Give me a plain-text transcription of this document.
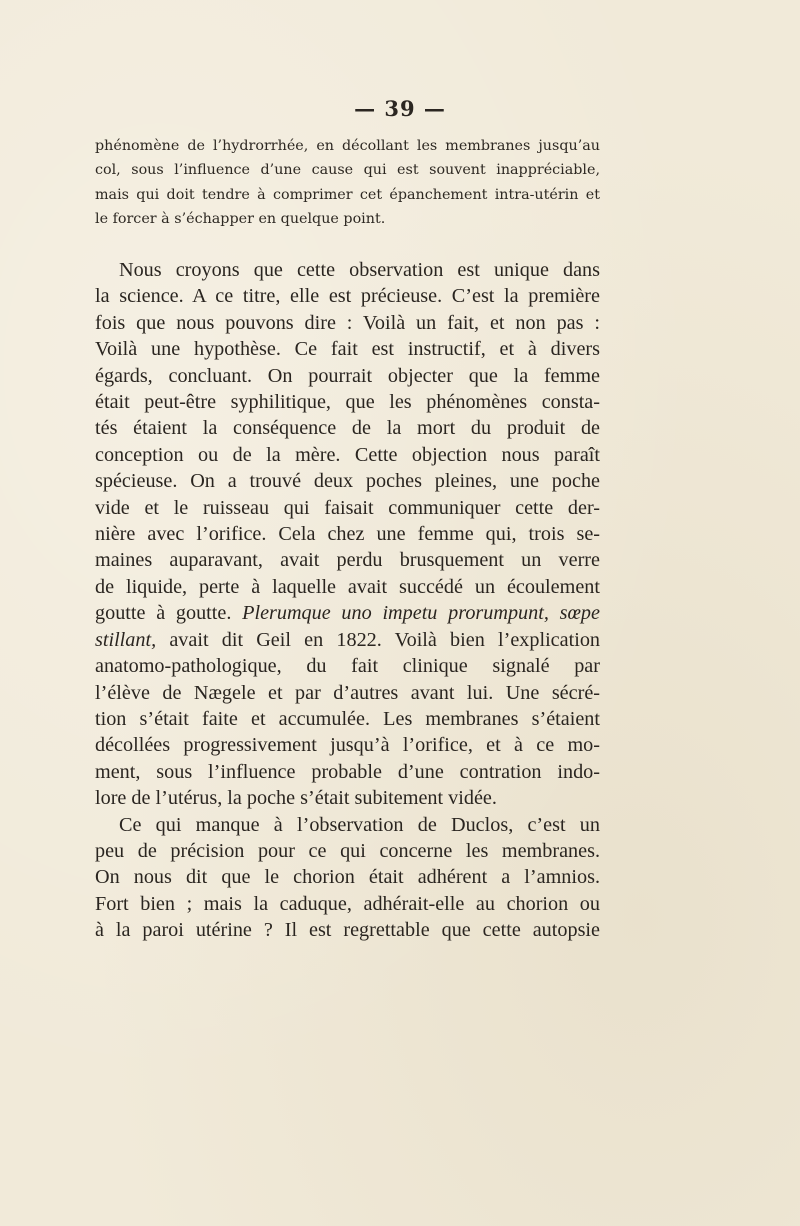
— 39 —
phénomène de l’hydrorrhée, en décollant les membranes jusqu’au
col, sous l’influence d’une cause qui est souvent inappréciable,
mais qui doit tendre à comprimer cet épanchement intra-utérin et
le forcer à s’échapper en quelque point.
Nous croyons que cette observation est unique dans
la science. A ce titre, elle est précieuse. C’est la première
fois que nous pouvons dire : Voilà un fait, et non pas :
Voilà une hypothèse. Ce fait est instructif, et à divers
égards, concluant. On pourrait objecter que la femme
était peut-être syphilitique, que les phénomènes consta-
tés étaient la conséquence de la mort du produit de
conception ou de la mère. Cette objection nous paraît
spécieuse. On a trouvé deux poches pleines, une poche
vide et le ruisseau qui faisait communiquer cette der-
nière avec l’orifice. Cela chez une femme qui, trois se-
maines auparavant, avait perdu brusquement un verre
de liquide, perte à laquelle avait succédé un écoulement
goutte à goutte. Plerumque uno impetu prorumpunt, sœpe
stillant, avait dit Geil en 1822. Voilà bien l’explication
anatomo-pathologique, du fait clinique signalé par
l’élève de Nægele et par d’autres avant lui. Une sécré-
tion s’était faite et accumulée. Les membranes s’étaient
décollées progressivement jusqu’à l’orifice, et à ce mo-
ment, sous l’influence probable d’une contration indo-
lore de l’utérus, la poche s’était subitement vidée.
Ce qui manque à l’observation de Duclos, c’est un
peu de précision pour ce qui concerne les membranes.
On nous dit que le chorion était adhérent a l’amnios.
Fort bien ; mais la caduque, adhérait-elle au chorion ou
à la paroi utérine ? Il est regrettable que cette autopsie
